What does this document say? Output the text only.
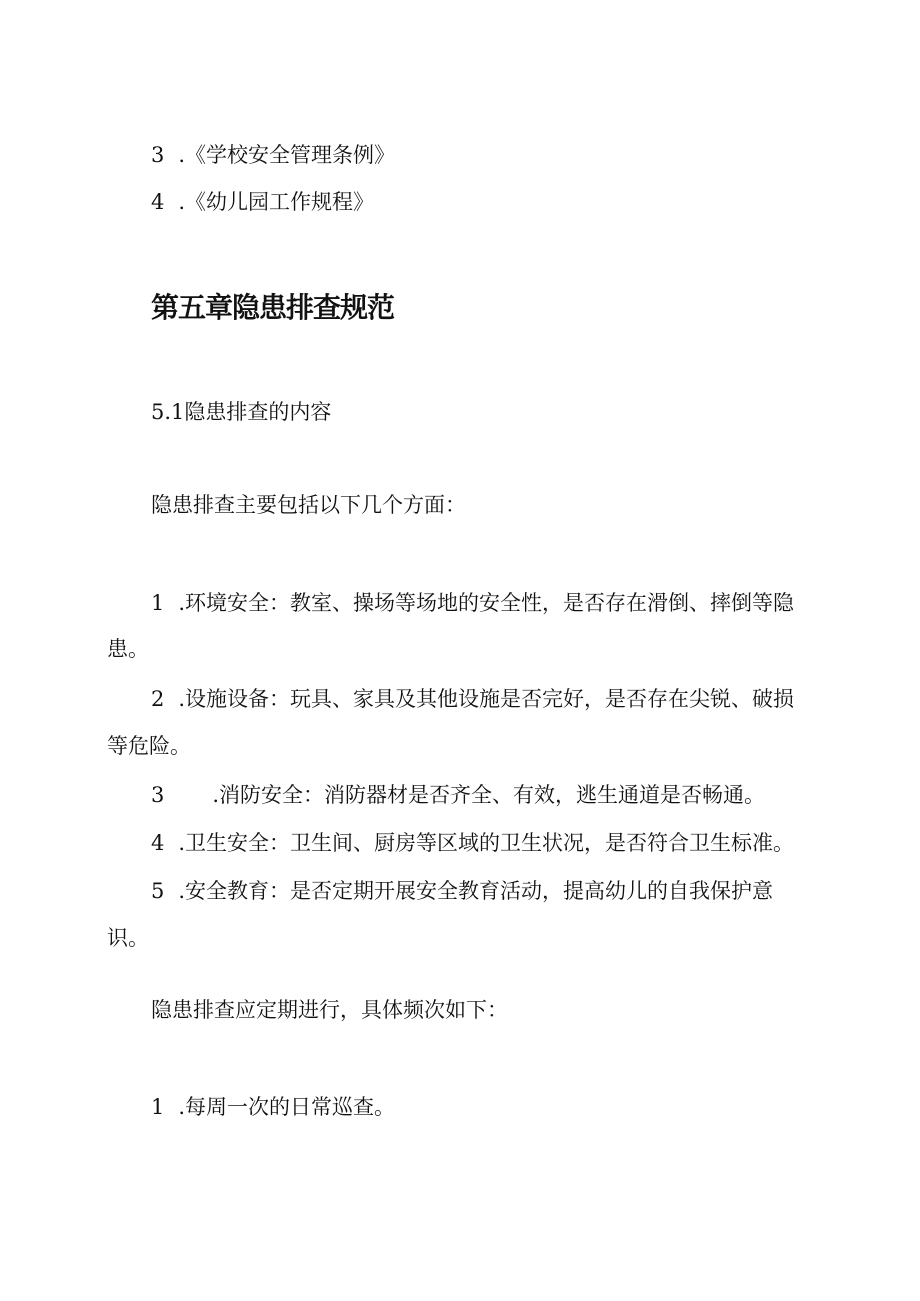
3 .《学校安全管理条例》
4 .《幼儿园工作规程》
第五章隐患排查规范
5.1隐患排查的内容
隐患排查主要包括以下几个方面：
1 .环境安全：教室、操场等场地的安全性，是否存在滑倒、摔倒等隐
患。
2 .设施设备：玩具、家具及其他设施是否完好，是否存在尖锐、破损
等危险。
3 .消防安全：消防器材是否齐全、有效，逃生通道是否畅通。
4 .卫生安全：卫生间、厨房等区域的卫生状况，是否符合卫生标准。
5 .安全教育：是否定期开展安全教育活动，提高幼儿的自我保护意
识。
隐患排查应定期进行，具体频次如下：
1 .每周一次的日常巡查。
